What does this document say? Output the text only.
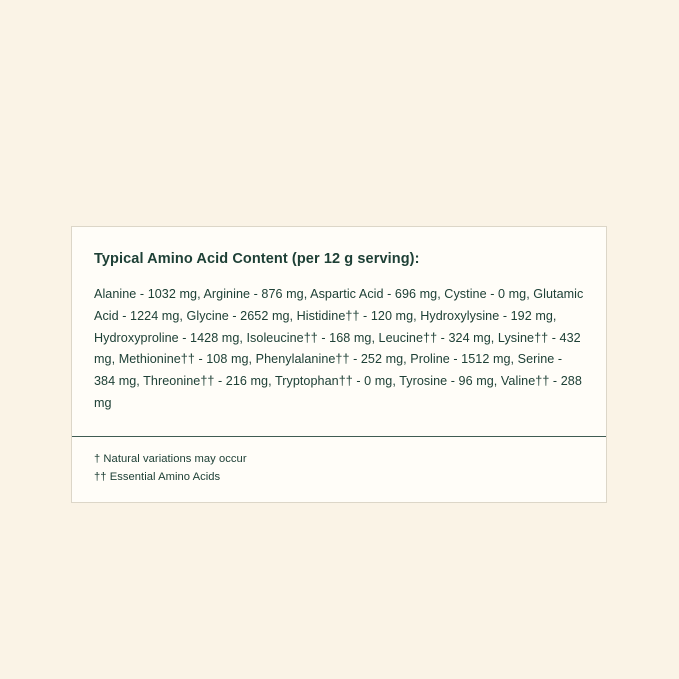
Typical Amino Acid Content (per 12 g serving):
Alanine - 1032 mg, Arginine - 876 mg, Aspartic Acid - 696 mg, Cystine - 0 mg, Glutamic Acid - 1224 mg, Glycine - 2652 mg, Histidine†† - 120 mg, Hydroxylysine - 192 mg, Hydroxyproline - 1428 mg, Isoleucine†† - 168 mg, Leucine†† - 324 mg, Lysine†† - 432 mg, Methionine†† - 108 mg, Phenylalanine†† - 252 mg, Proline - 1512 mg, Serine - 384 mg, Threonine†† - 216 mg, Tryptophan†† - 0 mg, Tyrosine - 96 mg, Valine†† - 288 mg
† Natural variations may occur
†† Essential Amino Acids
